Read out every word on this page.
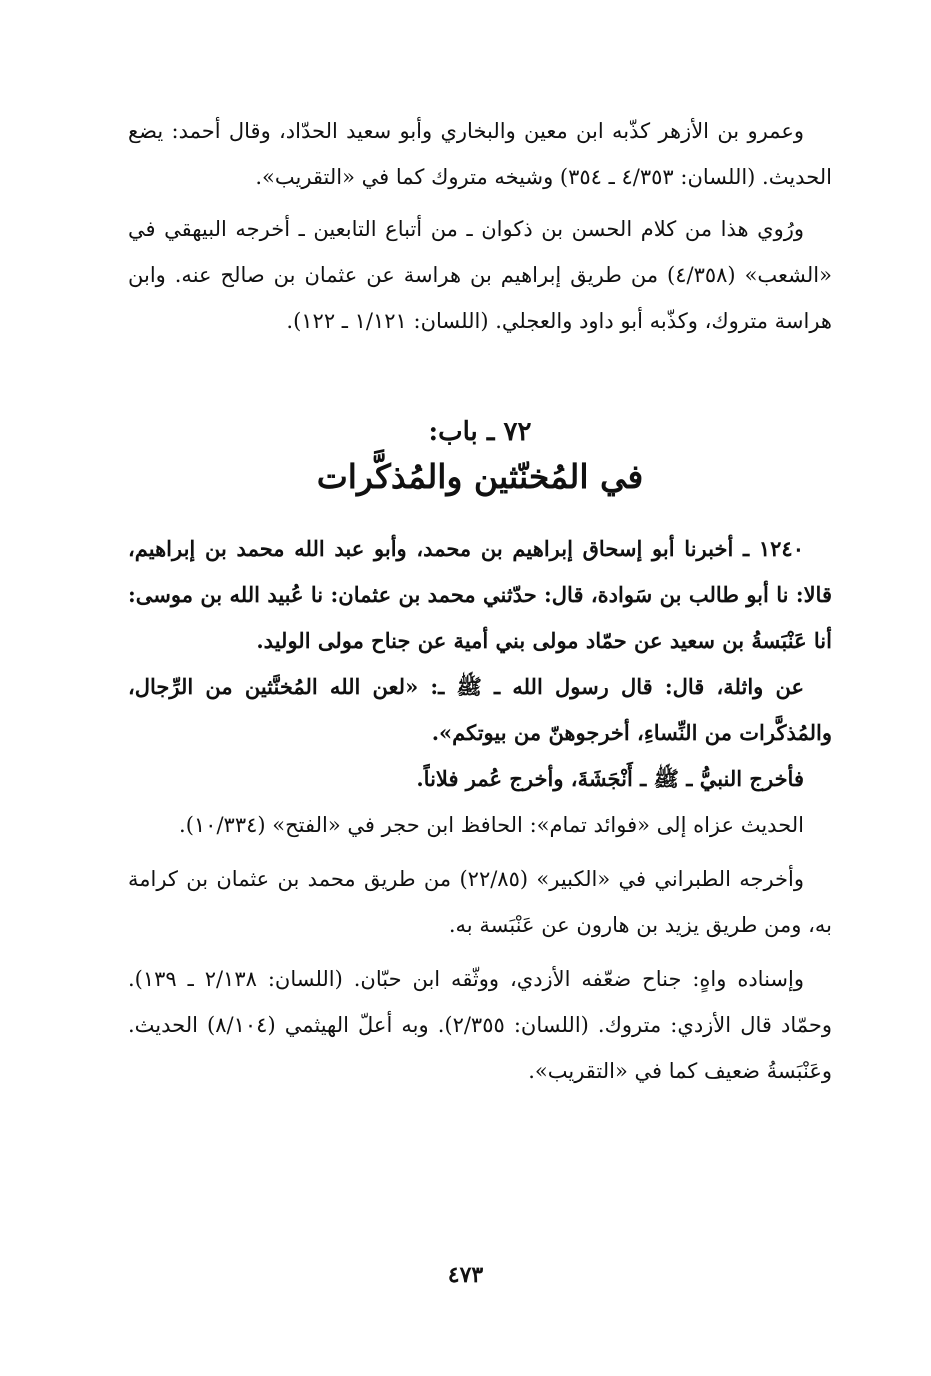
وعمرو بن الأزهر كذّبه ابن معين والبخاري وأبو سعيد الحدّاد، وقال أحمد: يضع الحديث. (اللسان: ٤/٣٥٣ ـ ٣٥٤) وشيخه متروك كما في «التقريب».

ورُوي هذا من كلام الحسن بن ذكوان ـ من أتباع التابعين ـ أخرجه البيهقي في «الشعب» (٤/٣٥٨) من طريق إبراهيم بن هراسة عن عثمان بن صالح عنه. وابن هراسة متروك، وكذّبه أبو داود والعجلي. (اللسان: ١/١٢١ ـ ١٢٢).

٧٢ ـ باب:
في المُخنّثين والمُذكَّرات

١٢٤٠ ـ أخبرنا أبو إسحاق إبراهيم بن محمد، وأبو عبد الله محمد بن إبراهيم، قالا: نا أبو طالب بن سَوادة، قال: حدّثني محمد بن عثمان: نا عُبيد الله بن موسى: أنا عَنْبَسةُ بن سعيد عن حمّاد مولى بني أمية عن جناح مولى الوليد.

عن واثلة، قال: قال رسول الله ـ ﷺ ـ: «لعن الله المُخنَّثين من الرِّجال، والمُذكَّرات من النِّساءِ، أخرجوهنّ من بيوتكم».

فأخرج النبيُّ ـ ﷺ ـ أَنْجَشَةَ، وأخرج عُمر فلاناً.

الحديث عزاه إلى «فوائد تمام»: الحافظ ابن حجر في «الفتح» (١٠/٣٣٤).

وأخرجه الطبراني في «الكبير» (٢٢/٨٥) من طريق محمد بن عثمان بن كرامة به، ومن طريق يزيد بن هارون عن عَنْبَسة به.

وإسناده واهٍ: جناح ضعّفه الأزدي، ووثّقه ابن حبّان. (اللسان: ٢/١٣٨ ـ ١٣٩). وحمّاد قال الأزدي: متروك. (اللسان: ٢/٣٥٥). وبه أعلّ الهيثمي (٨/١٠٤) الحديث. وعَنْبَسةُ ضعيف كما في «التقريب».

٤٧٣
